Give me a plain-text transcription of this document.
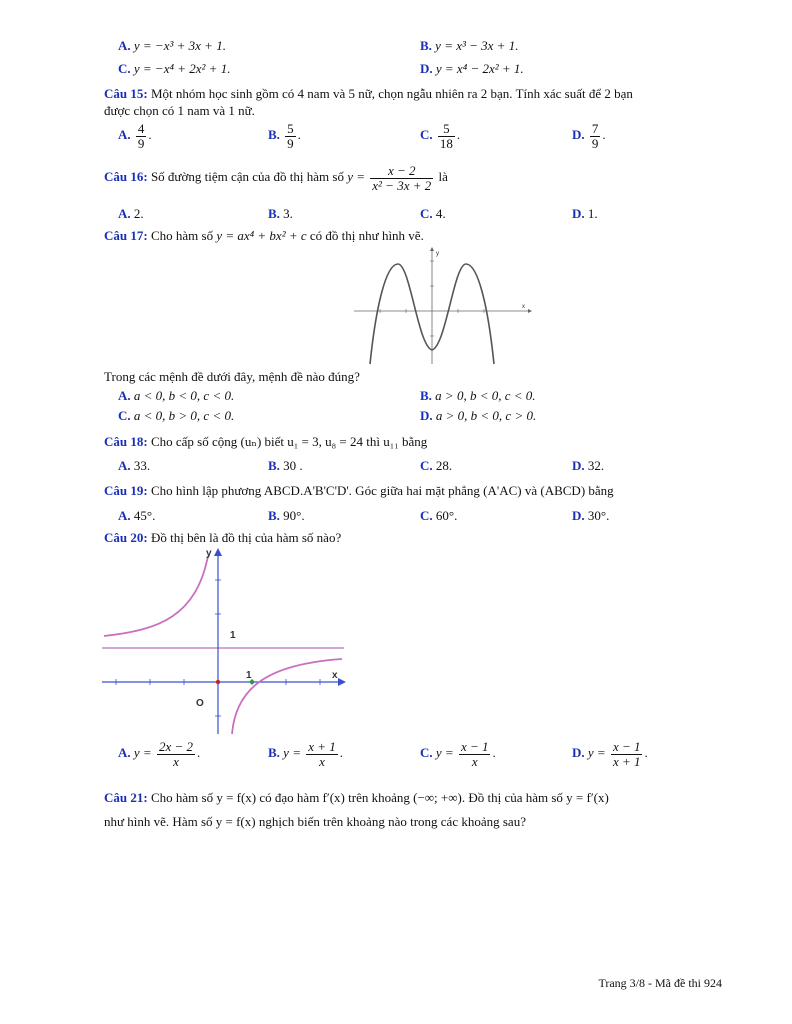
A. y = −x³ + 3x + 1.	B. y = x³ − 3x + 1.
C. y = −x⁴ + 2x² + 1.	D. y = x⁴ − 2x² + 1.
Câu 15: Một nhóm học sinh gồm có 4 nam và 5 nữ, chọn ngẫu nhiên ra 2 bạn. Tính xác suất để 2 bạn
được chọn có 1 nam và 1 nữ.
A. $\frac{4}{9}$ .	B. $\frac{5}{9}$ .	C. $\frac{5}{18}$ .	D. $\frac{7}{9}$ .
Câu 16: Số đường tiệm cận của đồ thị hàm số $y = \frac{x - 2}{\text{x² − 3x + 2}}$ là
A. 2.	B. 3.	C. 4.	D. 1.
Câu 17: Cho hàm số y = ax⁴ + bx² + c có đồ thị như hình vẽ.
y
x
Trong các mệnh đề dưới đây, mệnh đề nào đúng?
A. a < 0, b < 0, c < 0.	B. a > 0, b < 0, c < 0.
C. a < 0, b > 0, c < 0.	D. a > 0, b < 0, c > 0.
Câu 18: Cho cấp số cộng (uₙ) biết u₁ = 3, u₈ = 24 thì u₁₁ bằng
A. 33.	B. 30 .	C. 28.	D. 32.
Câu 19: Cho hình lập phương ABCD.A'B'C'D'. Góc giữa hai mặt phẳng (A'AC) và (ABCD) bằng
A. 45°.	B. 90°.	C. 60°.	D. 30°.
Câu 20: Đồ thị bên là đồ thị của hàm số nào?
y
x
1
1
O
A. $y = \frac{2x - 2}{x}$ .	B. $y = \frac{x + 1}{x}$ .	C. $y = \frac{x - 1}{x}$ .	D. $y = \frac{x - 1}{x + 1}$ .
Câu 21: Cho hàm số y = f(x) có đạo hàm f′(x) trên khoảng (−∞; +∞). Đồ thị của hàm số y = f′(x)
như hình vẽ. Hàm số y = f(x) nghịch biến trên khoảng nào trong các khoảng sau?
Trang 3/8 - Mã đề thi 924
